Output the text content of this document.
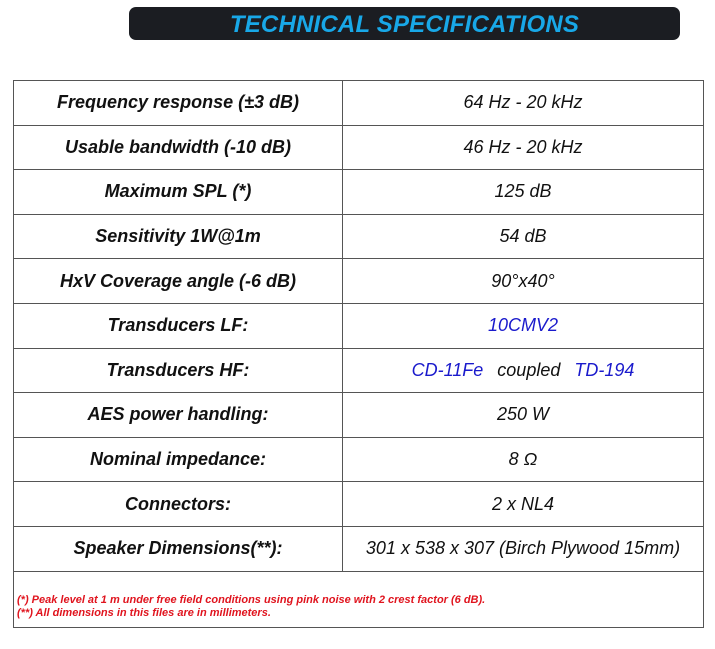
TECHNICAL SPECIFICATIONS
Frequency response (±3 dB)	64 Hz - 20 kHz
Usable bandwidth (-10 dB)	46 Hz - 20 kHz
Maximum SPL (*)	125 dB
Sensitivity 1W@1m	54 dB
HxV Coverage angle (-6 dB)	90°x40°
Transducers LF:	10CMV2
Transducers HF:	CD-11Fe coupled TD-194
AES power handling:	250 W
Nominal impedance:	8 Ω
Connectors:	2 x NL4
Speaker Dimensions(**):	301 x 538 x 307 (Birch Plywood 15mm)
(*) Peak level at 1 m under free field conditions using pink noise with 2 crest factor (6 dB).
(**) All dimensions in this files are in millimeters.
